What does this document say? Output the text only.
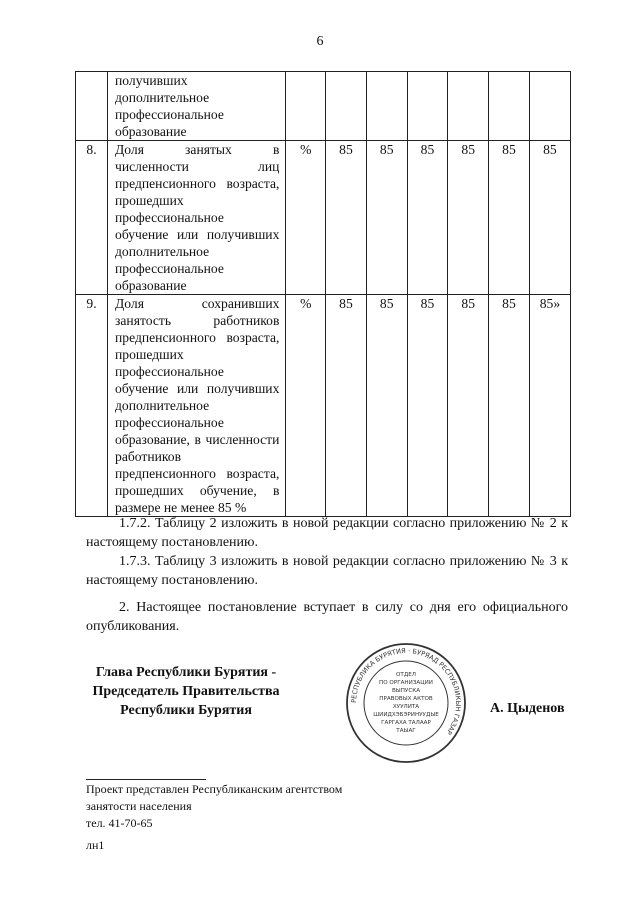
6
	получивших дополнительное профессиональное образование							
8.	Доля занятых в численности лиц предпенсионного возраста, прошедших профессиональное обучение или получивших дополнительное профессиональное образование	%	85	85	85	85	85	85
9.	Доля сохранивших занятость работников предпенсионного возраста, прошедших профессиональное обучение или получивших дополнительное профессиональное образование, в численности работников предпенсионного возраста, прошедших обучение, в размере не менее 85 %	%	85	85	85	85	85	85»
1.7.2. Таблицу 2 изложить в новой редакции согласно приложению № 2 к настоящему постановлению.
1.7.3. Таблицу 3 изложить в новой редакции согласно приложению № 3 к настоящему постановлению.
2. Настоящее постановление вступает в силу со дня его официального опубликования.
Глава Республики Бурятия -
Председатель Правительства
Республики Бурятия
РЕСПУБЛИКА БУРЯТИЯ · БУРЯАД РЕСПУБЛИКЫН ГАЗАР
ОТДЕЛ
ПО ОРГАНИЗАЦИИ
ВЫПУСКА
ПРАВОВЫХ АКТОВ
ХУУЛИТА
ШИИДХЭБЭРИНУУДЫЕ
ГАРГАХА ТАЛААР
ТАЫАГ
А. Цыденов
Проект представлен Республиканским агентством
занятости населения
тел. 41-70-65
лн1
